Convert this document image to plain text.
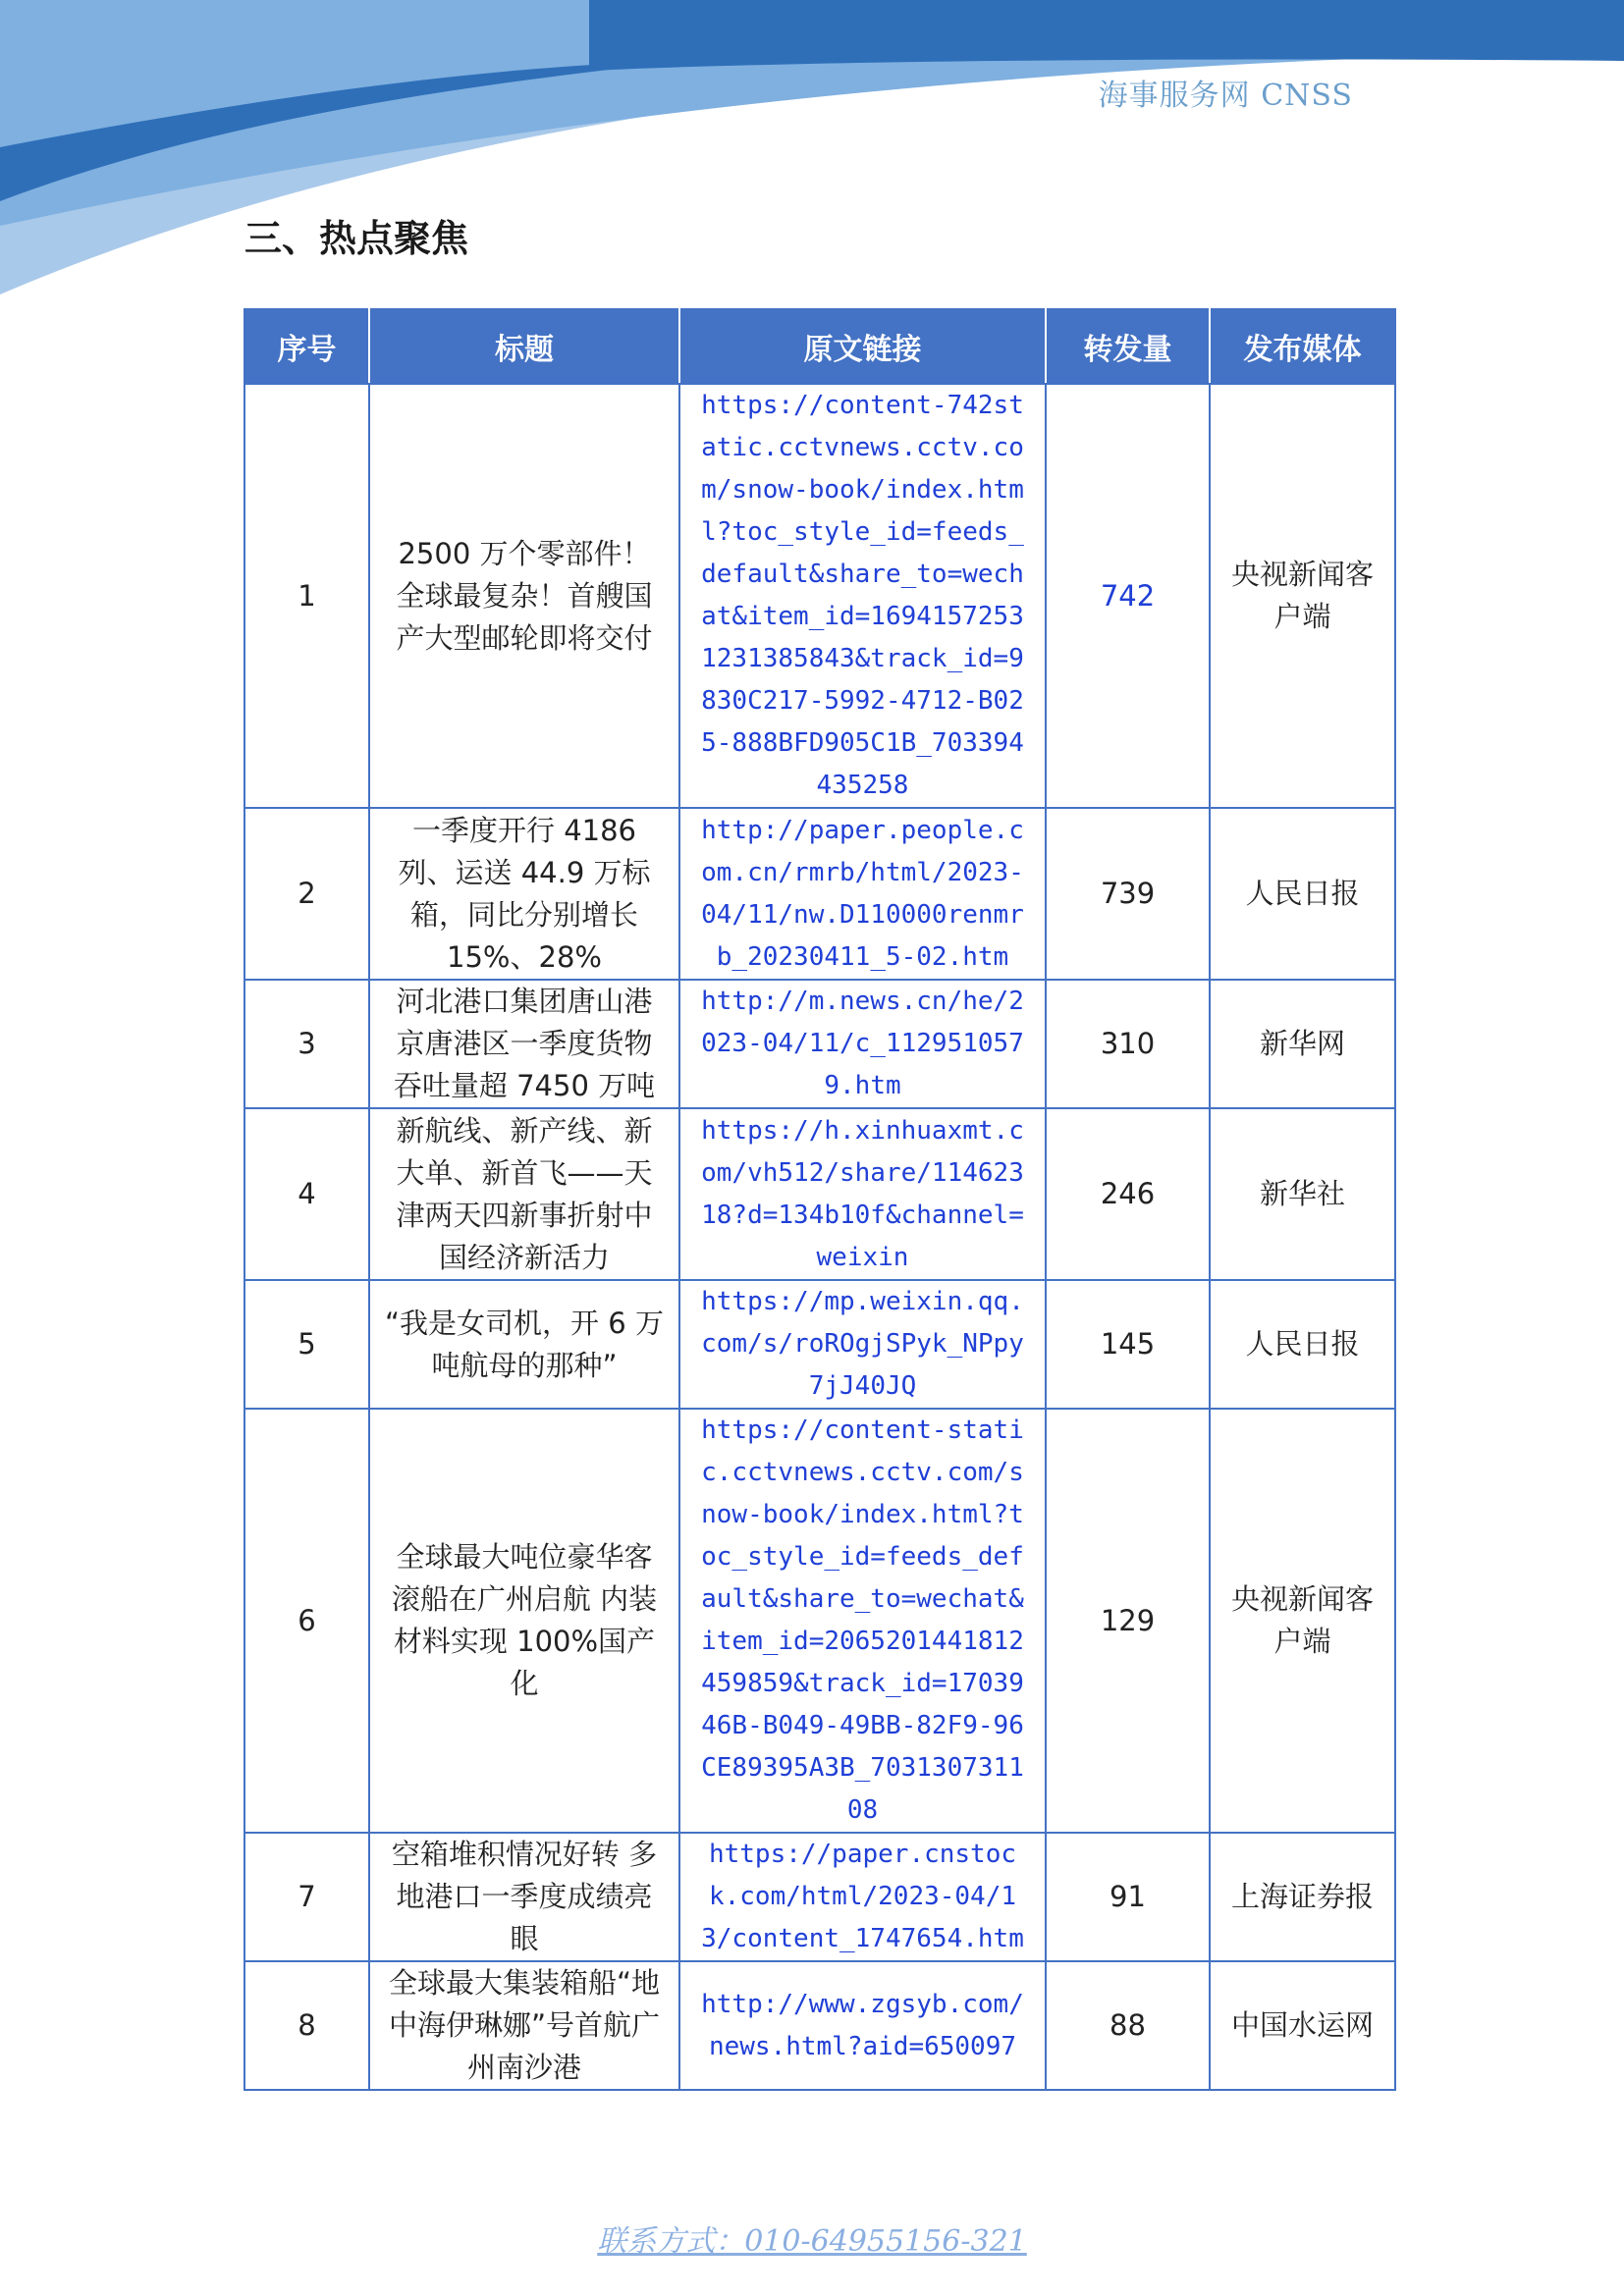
海事服务网 CNSS
三、热点聚焦
序号	标题	原文链接	转发量	发布媒体
1	2500 万个零部件！全球最复杂！首艘国产大型邮轮即将交付	https://content-742static.cctvnews.cctv.com/snow-book/index.html?toc_style_id=feeds_default&share_to=wechat&item_id=16941572531231385843&track_id=9830C217-5992-4712-B025-888BFD905C1B_703394435258	742	央视新闻客户端
2	一季度开行 4186 列、运送 44.9 万标箱，同比分别增长 15%、28%	http://paper.people.com.cn/rmrb/html/2023-04/11/nw.D110000renmrb_20230411_5-02.htm	739	人民日报
3	河北港口集团唐山港京唐港区一季度货物吞吐量超 7450 万吨	http://m.news.cn/he/2023-04/11/c_1129510579.htm	310	新华网
4	新航线、新产线、新大单、新首飞——天津两天四新事折射中国经济新活力	https://h.xinhuaxmt.com/vh512/share/11462318?d=134b10f&channel=weixin	246	新华社
5	“我是女司机，开 6 万吨航母的那种”	https://mp.weixin.qq.com/s/roROgjSPyk_NPpy7jJ40JQ	145	人民日报
6	全球最大吨位豪华客滚船在广州启航 内装材料实现 100%国产化	https://content-static.cctvnews.cctv.com/snow-book/index.html?toc_style_id=feeds_default&share_to=wechat&item_id=2065201441812459859&track_id=1703946B-B049-49BB-82F9-96CE89395A3B_703130731108	129	央视新闻客户端
7	空箱堆积情况好转 多地港口一季度成绩亮眼	https://paper.cnstock.com/html/2023-04/13/content_1747654.htm	91	上海证券报
8	全球最大集装箱船“地中海伊琳娜”号首航广州南沙港	http://www.zgsyb.com/news.html?aid=650097	88	中国水运网
联系方式：010-64955156-321
